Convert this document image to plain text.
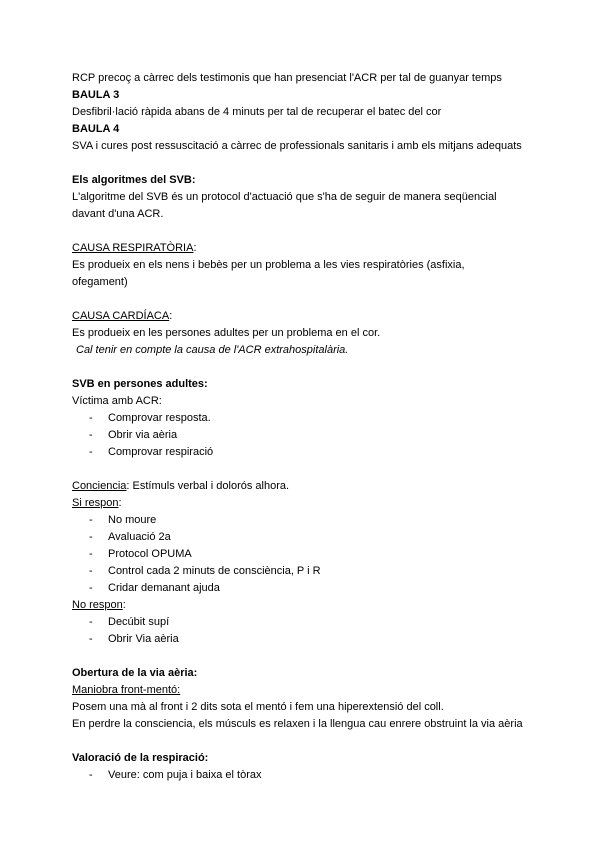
RCP precoç a càrrec dels testimonis que han presenciat l'ACR per tal de guanyar temps

BAULA 3

Desfibril·lació ràpida abans de 4 minuts per tal de recuperar el batec del cor

BAULA 4

SVA i cures post ressuscitació a càrrec de professionals sanitaris i amb els mitjans adequats

Els algoritmes del SVB:

L'algoritme del SVB és un protocol d'actuació que s'ha de seguir de manera seqüencial davant d'una ACR.

CAUSA RESPIRATÒRIA:

Es produeix en els nens i bebès per un problema a les vies respiratòries (asfixia, ofegament)

CAUSA CARDÍACA:

Es produeix en les persones adultes per un problema en el cor.

Cal tenir en compte la causa de l'ACR extrahospitalària.

SVB en persones adultes:

Víctima amb ACR:

- Comprovar resposta.
- Obrir via aèria
- Comprovar respiració

Conciencia: Estímuls verbal i dolorós alhora.

Si respon:

- No moure
- Avaluació 2a
- Protocol OPUMA
- Control cada 2 minuts de consciència, P i R
- Cridar demanant ajuda

No respon:

- Decúbit supí
- Obrir Via aèria

Obertura de la via aèria:

Maniobra front-mentó:

Posem una mà al front i 2 dits sota el mentó i fem una hiperextensió del coll.

En perdre la consciencia, els músculs es relaxen i la llengua cau enrere obstruint la via aèria

Valoració de la respiració:

- Veure: com puja i baixa el tòrax
